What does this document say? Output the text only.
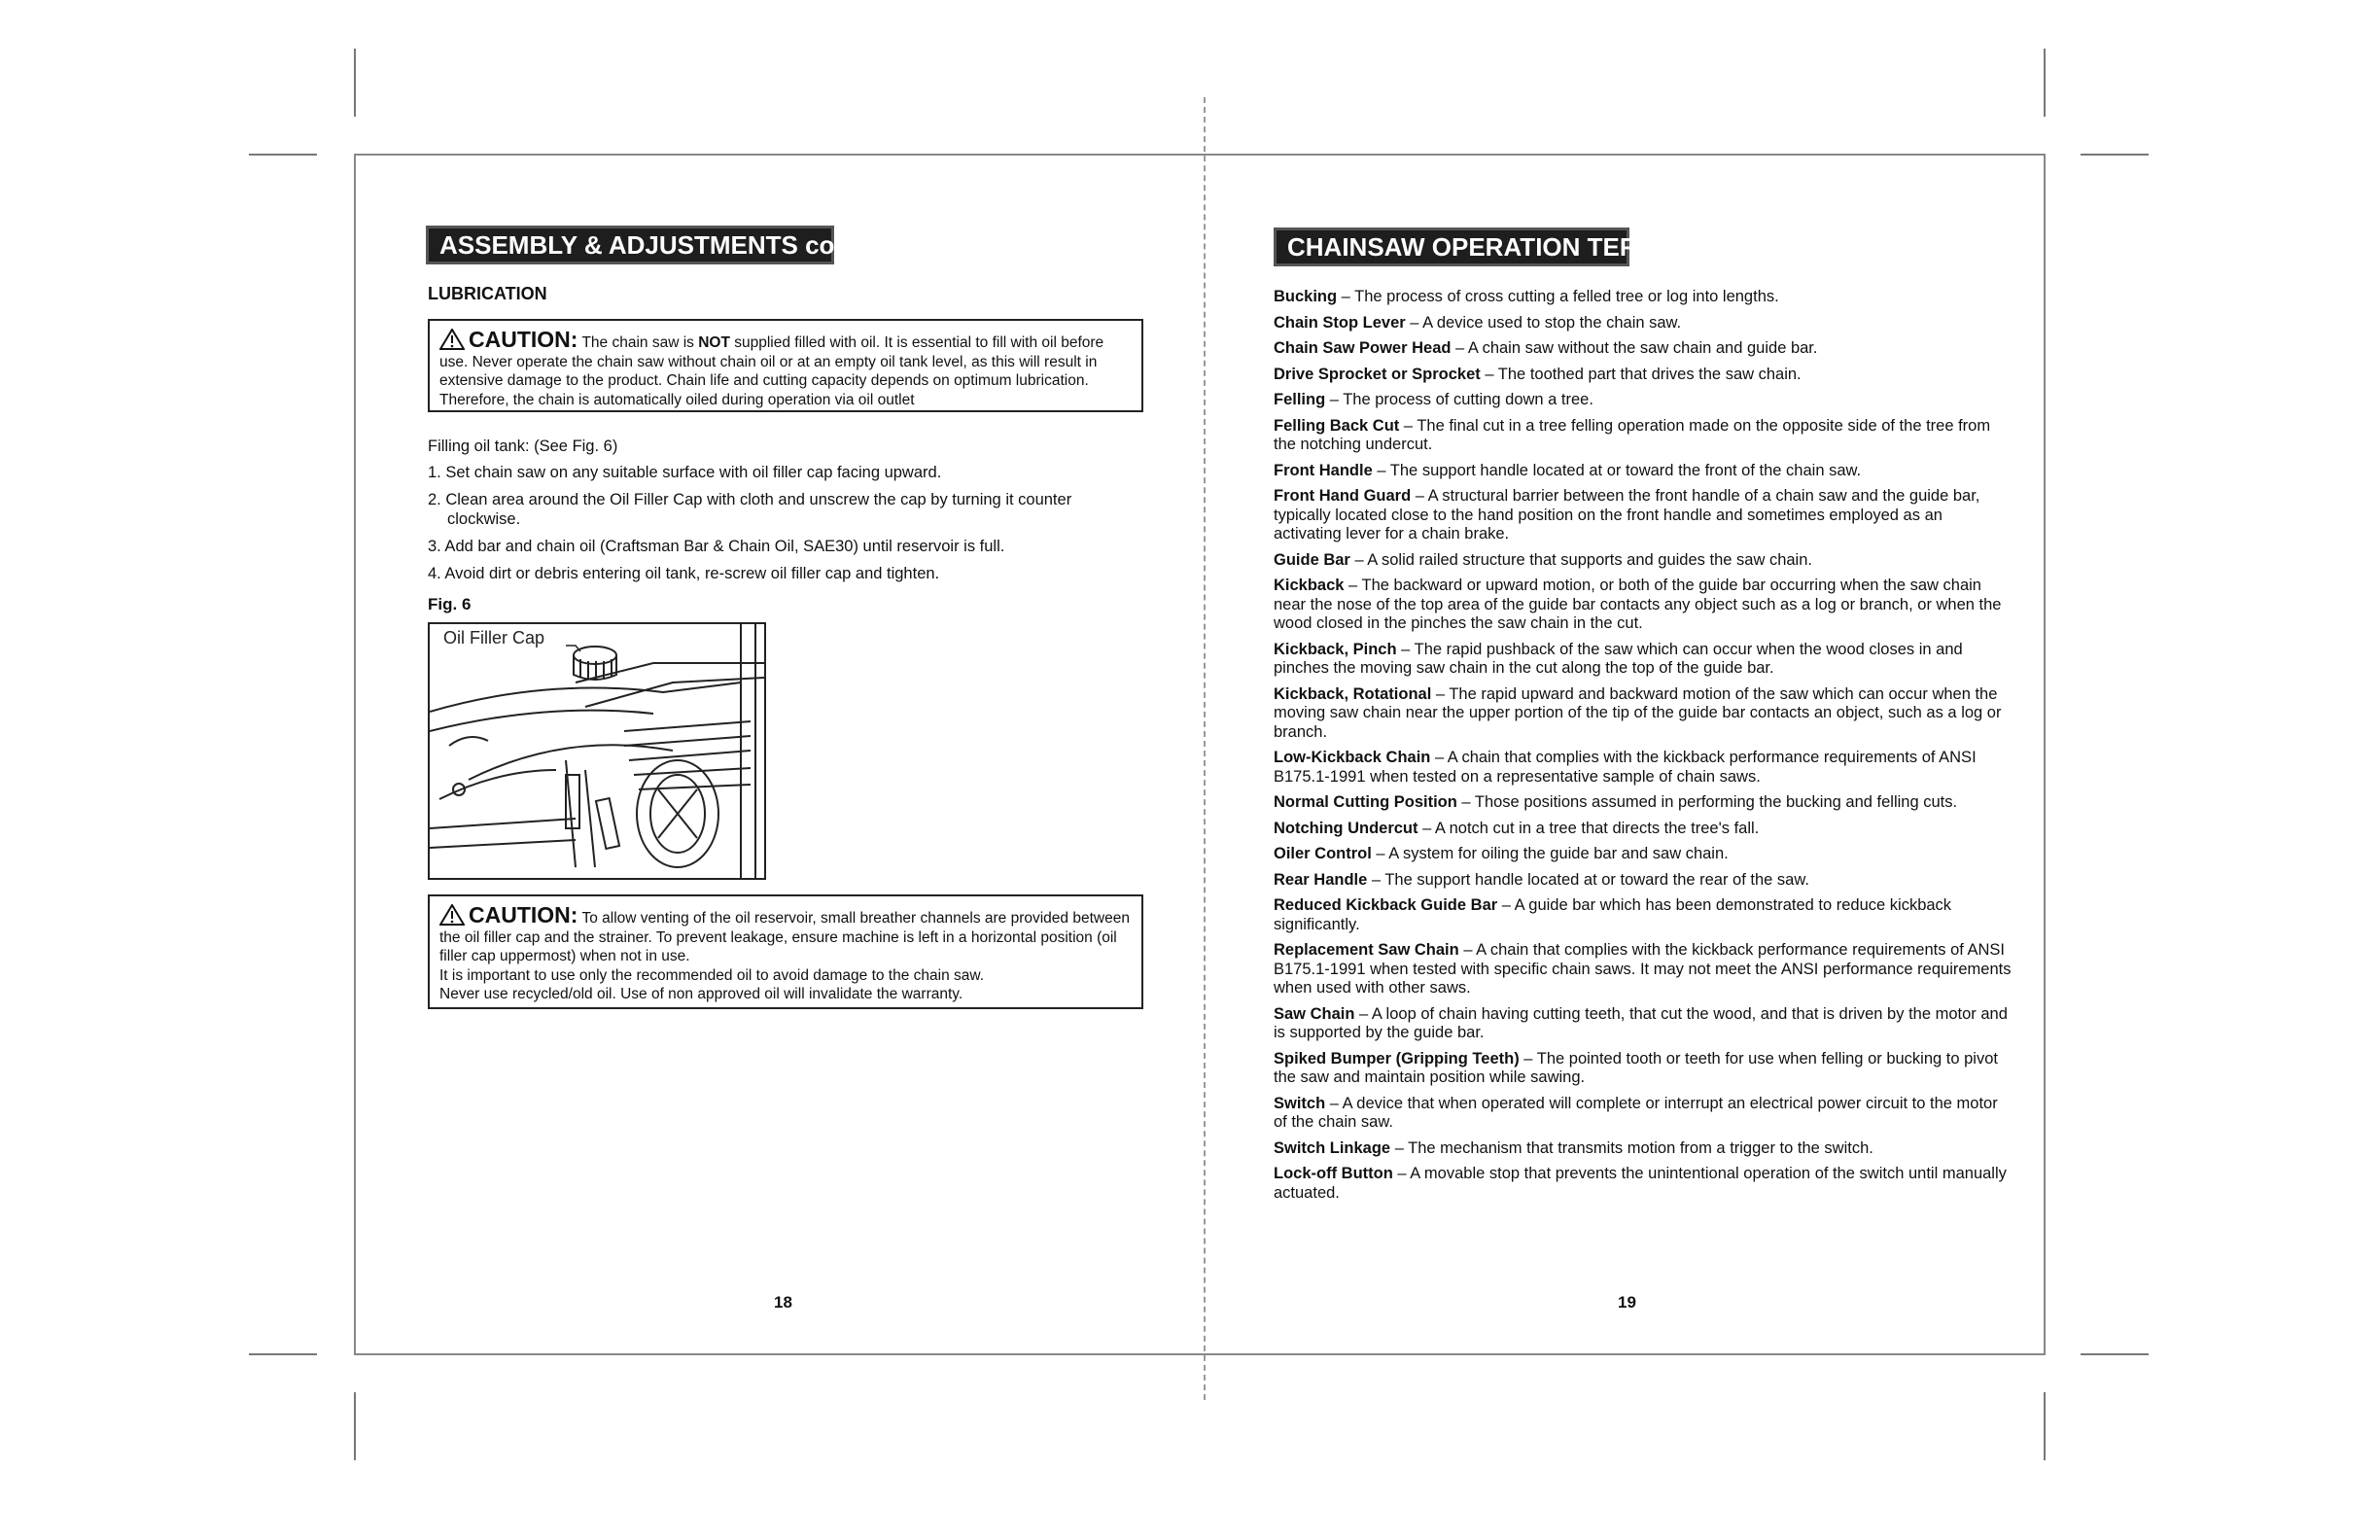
ASSEMBLY & ADJUSTMENTS cont.
LUBRICATION
CAUTION: The chain saw is NOT supplied filled with oil. It is essential to fill with oil before use. Never operate the chain saw without chain oil or at an empty oil tank level, as this will result in extensive damage to the product. Chain life and cutting capacity depends on optimum lubrication. Therefore, the chain is automatically oiled during operation via oil outlet
Filling oil tank: (See Fig. 6)
1. Set chain saw on any suitable surface with oil filler cap facing upward.
2. Clean area around the Oil Filler Cap with cloth and unscrew the cap by turning it counter clockwise.
3. Add bar and chain oil (Craftsman Bar & Chain Oil, SAE30) until reservoir is full.
4. Avoid dirt or debris entering oil tank, re-screw oil filler cap and tighten.
Fig. 6
Oil Filler Cap
CAUTION: To allow venting of the oil reservoir, small breather channels are provided between the oil filler cap and the strainer. To prevent leakage, ensure machine is left in a horizontal position (oil filler cap uppermost) when not in use.
It is important to use only the recommended oil to avoid damage to the chain saw.
Never use recycled/old oil. Use of non approved oil will invalidate the warranty.
18
CHAINSAW OPERATION TERMS
Bucking – The process of cross cutting a felled tree or log into lengths.
Chain Stop Lever – A device used to stop the chain saw.
Chain Saw Power Head – A chain saw without the saw chain and guide bar.
Drive Sprocket or Sprocket – The toothed part that drives the saw chain.
Felling – The process of cutting down a tree.
Felling Back Cut – The final cut in a tree felling operation made on the opposite side of the tree from the notching undercut.
Front Handle – The support handle located at or toward the front of the chain saw.
Front Hand Guard – A structural barrier between the front handle of a chain saw and the guide bar, typically located close to the hand position on the front handle and sometimes employed as an activating lever for a chain brake.
Guide Bar – A solid railed structure that supports and guides the saw chain.
Kickback – The backward or upward motion, or both of the guide bar occurring when the saw chain near the nose of the top area of the guide bar contacts any object such as a log or branch, or when the wood closed in the pinches the saw chain in the cut.
Kickback, Pinch – The rapid pushback of the saw which can occur when the wood closes in and pinches the moving saw chain in the cut along the top of the guide bar.
Kickback, Rotational – The rapid upward and backward motion of the saw which can occur when the moving saw chain near the upper portion of the tip of the guide bar contacts an object, such as a log or branch.
Low-Kickback Chain – A chain that complies with the kickback performance requirements of ANSI B175.1-1991 when tested on a representative sample of chain saws.
Normal Cutting Position – Those positions assumed in performing the bucking and felling cuts.
Notching Undercut – A notch cut in a tree that directs the tree's fall.
Oiler Control – A system for oiling the guide bar and saw chain.
Rear Handle – The support handle located at or toward the rear of the saw.
Reduced Kickback Guide Bar – A guide bar which has been demonstrated to reduce kickback significantly.
Replacement Saw Chain – A chain that complies with the kickback performance requirements of ANSI B175.1-1991 when tested with specific chain saws. It may not meet the ANSI performance requirements when used with other saws.
Saw Chain – A loop of chain having cutting teeth, that cut the wood, and that is driven by the motor and is supported by the guide bar.
Spiked Bumper (Gripping Teeth) – The pointed tooth or teeth for use when felling or bucking to pivot the saw and maintain position while sawing.
Switch – A device that when operated will complete or interrupt an electrical power circuit to the motor of the chain saw.
Switch Linkage – The mechanism that transmits motion from a trigger to the switch.
Lock-off Button – A movable stop that prevents the unintentional operation of the switch until manually actuated.
19
